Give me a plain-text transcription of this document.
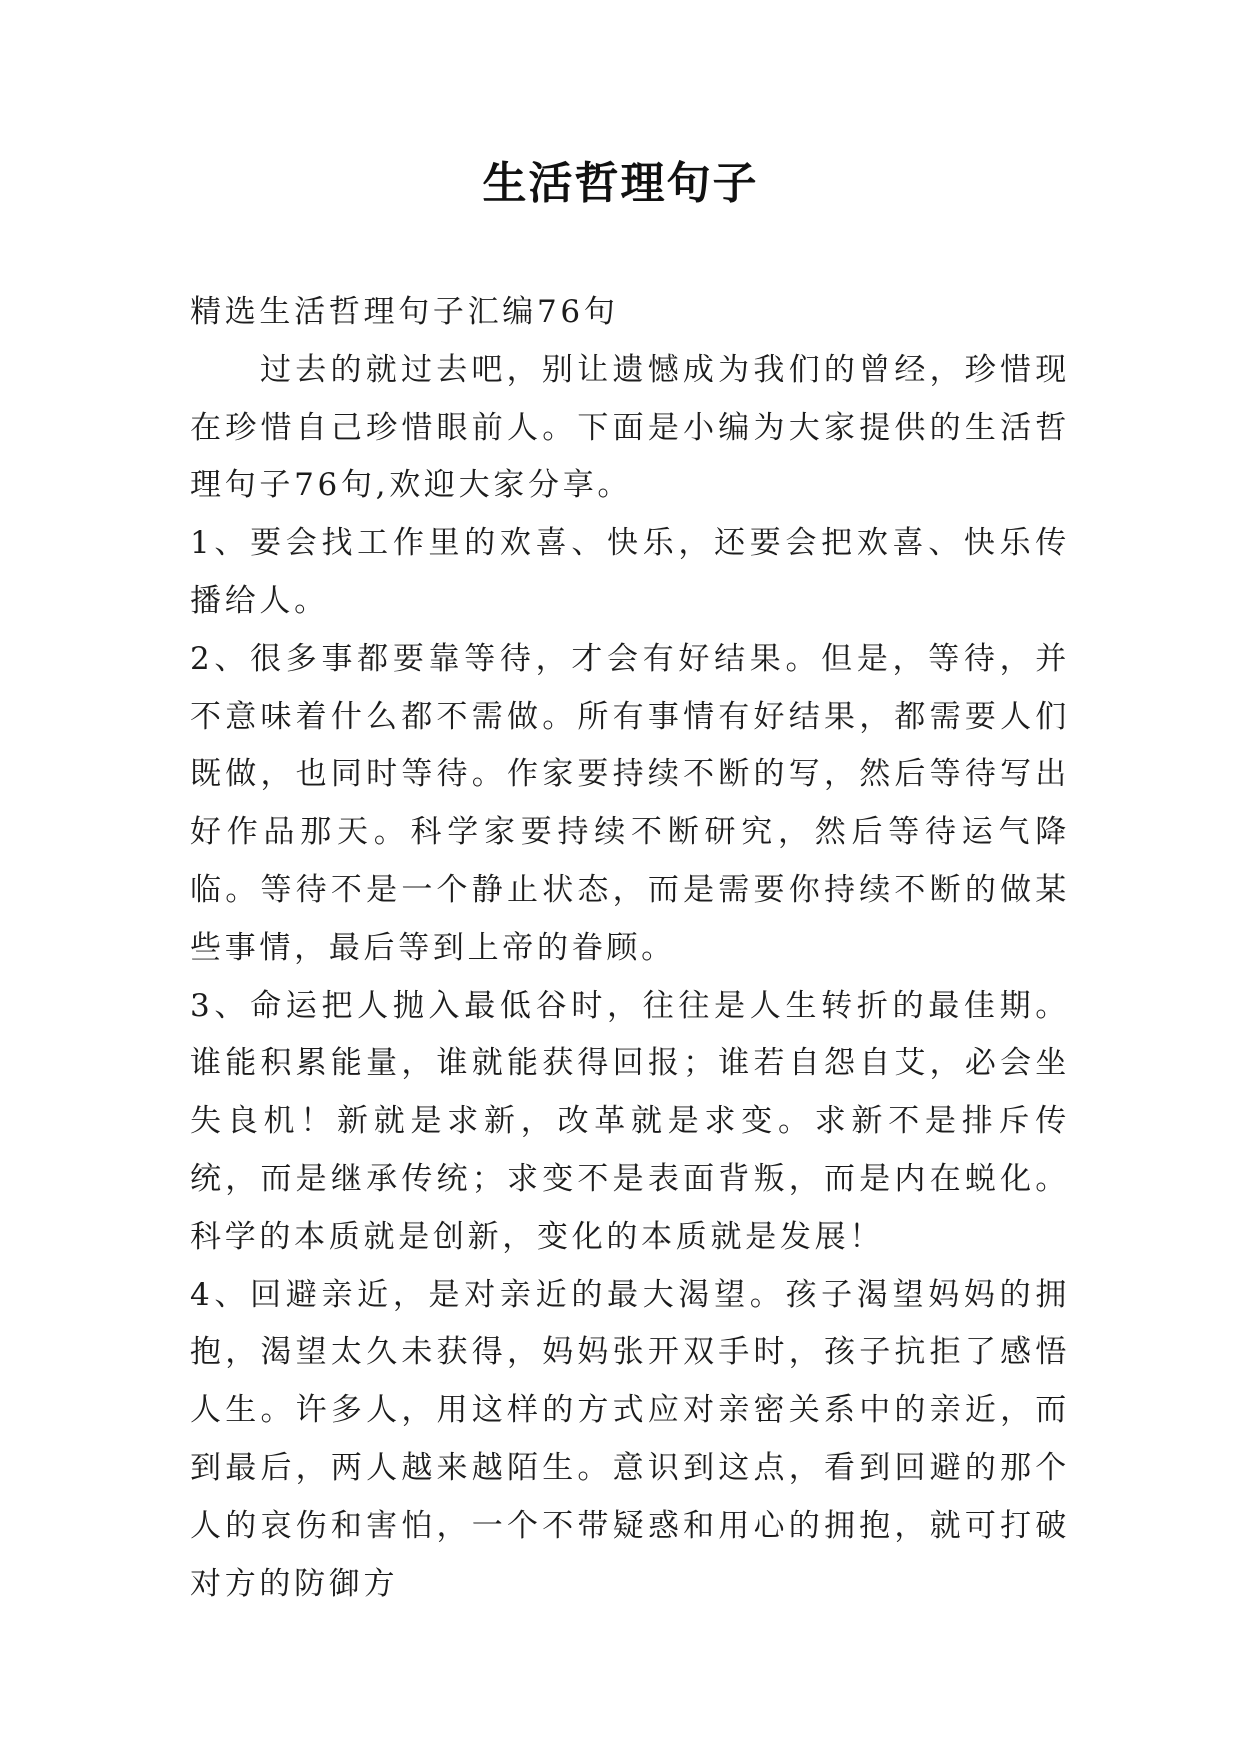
生活哲理句子

精选生活哲理句子汇编76句

过去的就过去吧，别让遗憾成为我们的曾经，珍惜现在珍惜自己珍惜眼前人。下面是小编为大家提供的生活哲理句子76句,欢迎大家分享。

1、要会找工作里的欢喜、快乐，还要会把欢喜、快乐传播给人。

2、很多事都要靠等待，才会有好结果。但是，等待，并不意味着什么都不需做。所有事情有好结果，都需要人们既做，也同时等待。作家要持续不断的写，然后等待写出好作品那天。科学家要持续不断研究，然后等待运气降临。等待不是一个静止状态，而是需要你持续不断的做某些事情，最后等到上帝的眷顾。

3、命运把人抛入最低谷时，往往是人生转折的最佳期。谁能积累能量，谁就能获得回报；谁若自怨自艾，必会坐失良机！新就是求新，改革就是求变。求新不是排斥传统，而是继承传统；求变不是表面背叛，而是内在蜕化。科学的本质就是创新，变化的本质就是发展！

4、回避亲近，是对亲近的最大渴望。孩子渴望妈妈的拥抱，渴望太久未获得，妈妈张开双手时，孩子抗拒了感悟人生。许多人，用这样的方式应对亲密关系中的亲近，而到最后，两人越来越陌生。意识到这点，看到回避的那个人的哀伤和害怕，一个不带疑惑和用心的拥抱，就可打破对方的防御方
